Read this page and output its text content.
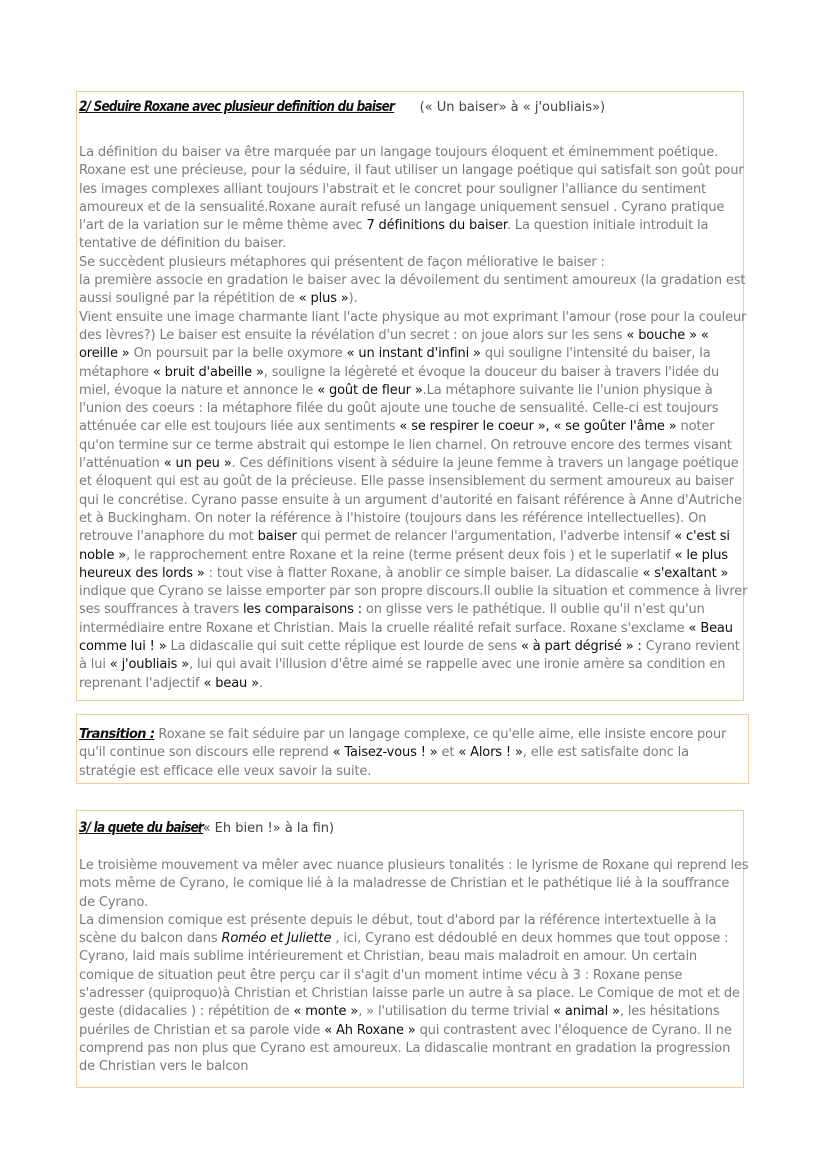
2/ Seduire Roxane avec plusieur definition du baiser (« Un baiser» à « j'oubliais»)

La définition du baiser va être marquée par un langage toujours éloquent et éminemment poétique. Roxane est une précieuse, pour la séduire, il faut utiliser un langage poétique qui satisfait son goût pour les images complexes alliant toujours l'abstrait et le concret pour souligner l'alliance du sentiment amoureux et de la sensualité.Roxane aurait refusé un langage uniquement sensuel . Cyrano pratique l'art de la variation sur le même thème avec 7 définitions du baiser. La question initiale introduit la tentative de définition du baiser.

Se succèdent plusieurs métaphores qui présentent de façon méliorative le baiser :

la première associe en gradation le baiser avec la dévoilement du sentiment amoureux (la gradation est aussi souligné par la répétition de « plus »).

Vient ensuite une image charmante liant l'acte physique au mot exprimant l'amour (rose pour la couleur des lèvres?) Le baiser est ensuite la révélation d'un secret : on joue alors sur les sens « bouche » « oreille » On poursuit par la belle oxymore « un instant d'infini » qui souligne l'intensité du baiser, la métaphore « bruit d'abeille », souligne la légèreté et évoque la douceur du baiser à travers l'idée du miel, évoque la nature et annonce le « goût de fleur ».La métaphore suivante lie l'union physique à l'union des coeurs : la métaphore filée du goût ajoute une touche de sensualité. Celle-ci est toujours atténuée car elle est toujours liée aux sentiments « se respirer le coeur », « se goûter l'âme » noter qu'on termine sur ce terme abstrait qui estompe le lien charnel. On retrouve encore des termes visant l'atténuation « un peu ». Ces définitions visent à séduire la jeune femme à travers un langage poétique et éloquent qui est au goût de la précieuse. Elle passe insensiblement du serment amoureux au baiser qui le concrétise. Cyrano passe ensuite à un argument d'autorité en faisant référence à Anne d'Autriche et à Buckingham. On noter la référence à l'histoire (toujours dans les référence intellectuelles). On retrouve l'anaphore du mot baiser qui permet de relancer l'argumentation, l'adverbe intensif « c'est si noble », le rapprochement entre Roxane et la reine (terme présent deux fois ) et le superlatif « le plus heureux des lords » : tout vise à flatter Roxane, à anoblir ce simple baiser. La didascalie « s'exaltant » indique que Cyrano se laisse emporter par son propre discours.Il oublie la situation et commence à livrer ses souffrances à travers les comparaisons : on glisse vers le pathétique. Il oublie qu'il n'est qu'un intermédiaire entre Roxane et Christian. Mais la cruelle réalité refait surface. Roxane s'exclame « Beau comme lui ! » La didascalie qui suit cette réplique est lourde de sens « à part dégrisé » : Cyrano revient à lui « j'oubliais », lui qui avait l'illusion d'être aimé se rappelle avec une ironie amère sa condition en reprenant l'adjectif « beau ».

Transition : Roxane se fait séduire par un langage complexe, ce qu'elle aime, elle insiste encore pour qu'il continue son discours elle reprend « Taisez-vous ! » et « Alors ! », elle est satisfaite donc la stratégie est efficace elle veux savoir la suite.

3/ la quete du baiser (« Eh bien !» à la fin)

Le troisième mouvement va mêler avec nuance plusieurs tonalités : le lyrisme de Roxane qui reprend les mots même de Cyrano, le comique lié à la maladresse de Christian et le pathétique lié à la souffrance de Cyrano.

La dimension comique est présente depuis le début, tout d'abord par la référence intertextuelle à la scène du balcon dans Roméo et Juliette , ici, Cyrano est dédoublé en deux hommes que tout oppose : Cyrano, laid mais sublime intérieurement et Christian, beau mais maladroit en amour. Un certain comique de situation peut être perçu car il s'agit d'un moment intime vécu à 3 : Roxane pense s'adresser (quiproquo)à Christian et Christian laisse parle un autre à sa place. Le Comique de mot et de geste (didacalies ) : répétition de « monte », » l'utilisation du terme trivial « animal », les hésitations puériles de Christian et sa parole vide « Ah Roxane » qui contrastent avec l'éloquence de Cyrano. Il ne comprend pas non plus que Cyrano est amoureux. La didascalie montrant en gradation la progression de Christian vers le balcon
